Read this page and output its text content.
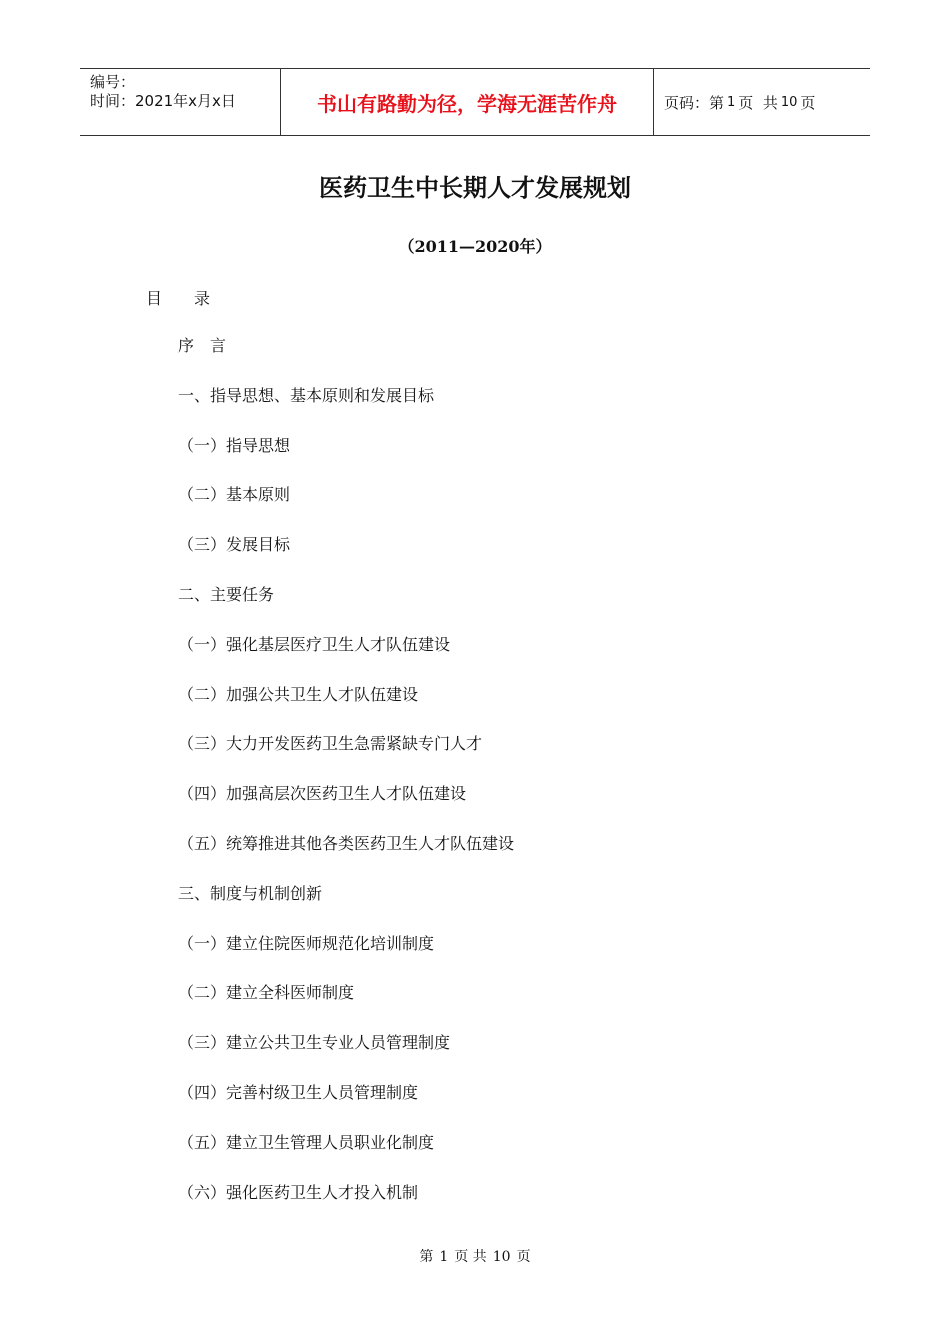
编号：
时间：2021年x月x日	书山有路勤为径，学海无涯苦作舟	页码：第 1 页  共 10 页
医药卫生中长期人才发展规划
（2011—2020年）
目 录
序　言
一、指导思想、基本原则和发展目标
（一）指导思想
（二）基本原则
（三）发展目标
二、主要任务
（一）强化基层医疗卫生人才队伍建设
（二）加强公共卫生人才队伍建设
（三）大力开发医药卫生急需紧缺专门人才
（四）加强高层次医药卫生人才队伍建设
（五）统筹推进其他各类医药卫生人才队伍建设
三、制度与机制创新
（一）建立住院医师规范化培训制度
（二）建立全科医师制度
（三）建立公共卫生专业人员管理制度
（四）完善村级卫生人员管理制度
（五）建立卫生管理人员职业化制度
（六）强化医药卫生人才投入机制
第 1 页 共 10 页
